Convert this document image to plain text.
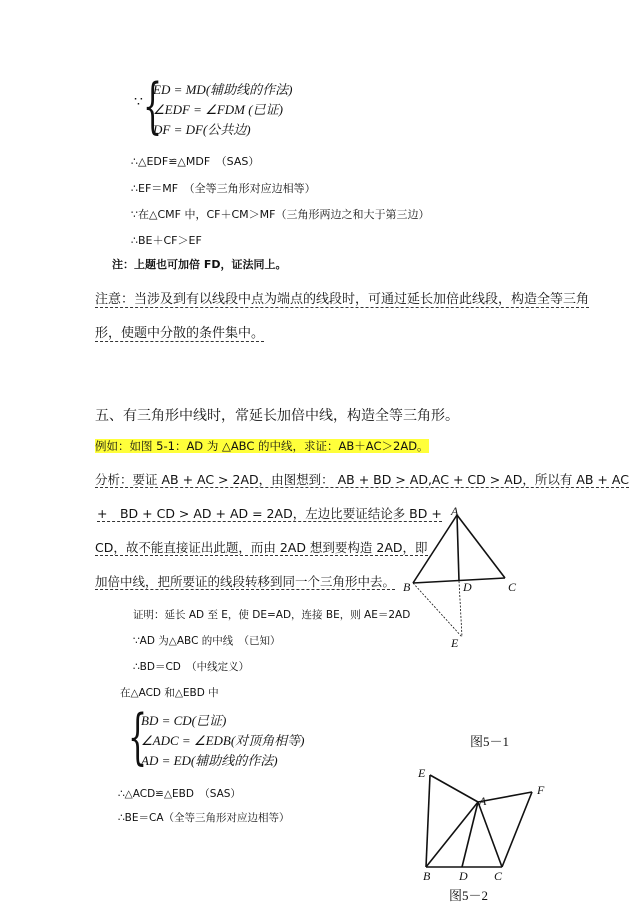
∵ {
ED = MD(辅助线的作法)
∠EDF = ∠FDM (已证)
DF = DF(公共边)
∴△EDF≌△MDF　（SAS）
∴EF＝MF　（全等三角形对应边相等）
∵在△CMF 中，CF＋CM＞MF（三角形两边之和大于第三边）
∴BE＋CF＞EF
注：上题也可加倍 FD，证法同上。
注意：当涉及到有以线段中点为端点的线段时，可通过延长加倍此线段，构造全等三角
形，使题中分散的条件集中。
五、有三角形中线时，常延长加倍中线，构造全等三角形。
例如：如图 5-1：AD 为 △ABC 的中线，求证：AB＋AC＞2AD。
分析：要证 AB + AC > 2AD，由图想到： AB + BD > AD,AC + CD > AD，所以有 AB + AC
+　BD + CD > AD + AD = 2AD，左边比要证结论多 BD +
CD，故不能直接证出此题，而由 2AD 想到要构造 2AD，即
加倍中线，把所要证的线段转移到同一个三角形中去。
证明：延长 AD 至 E，使 DE=AD，连接 BE，则 AE＝2AD
∵AD 为△ABC 的中线　（已知）
∴BD＝CD　（中线定义）
在△ACD 和△EBD 中
{
BD = CD(已证)
∠ADC = ∠EDB(对顶角相等)
AD = ED(辅助线的作法)
∴△ACD≌△EBD　（SAS）
∴BE＝CA（全等三角形对应边相等）
A
B	C
D
E
图5－1
E
F
A
B D C
图5－2
